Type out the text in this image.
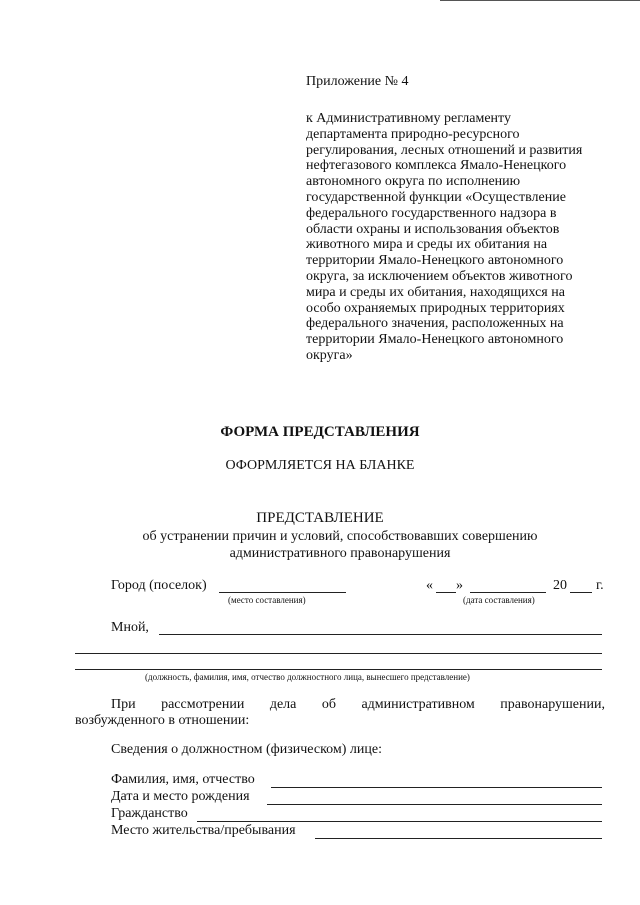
Приложение № 4
к Административному регламенту
департамента природно-ресурсного
регулирования, лесных отношений и развития
нефтегазового комплекса Ямало-Ненецкого
автономного округа по исполнению
государственной функции «Осуществление
федерального государственного надзора в
области охраны и использования объектов
животного мира и среды их обитания на
территории Ямало-Ненецкого автономного
округа, за исключением объектов животного
мира и среды их обитания, находящихся на
особо охраняемых природных территориях
федерального значения, расположенных на
территории Ямало-Ненецкого автономного
округа»
ФОРМА ПРЕДСТАВЛЕНИЯ
ОФОРМЛЯЕТСЯ НА БЛАНКЕ
ПРЕДСТАВЛЕНИЕ
об устранении причин и условий, способствовавших совершению
административного правонарушения
Город (поселок)
(место составления)
« »	20 г.
(дата составления)
Мной,
(должность, фамилия, имя, отчество должностного лица, вынесшего представление)
При рассмотрении дела об административном правонарушении,
возбужденного в отношении:
Сведения о должностном (физическом) лице:
Фамилия, имя, отчество
Дата и место рождения
Гражданство
Место жительства/пребывания
